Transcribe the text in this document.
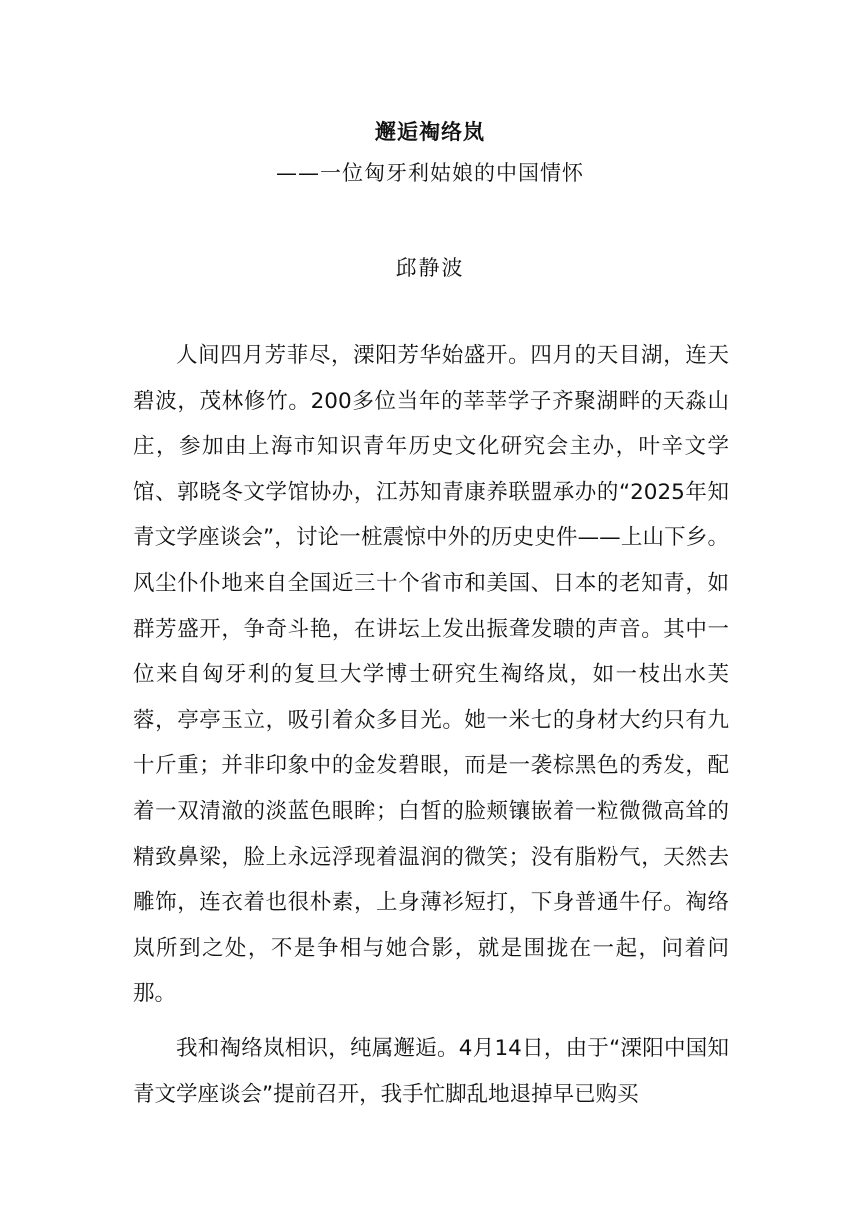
邂逅祹络岚
——一位匈牙利姑娘的中国情怀
邱静波

人间四月芳菲尽，溧阳芳华始盛开。四月的天目湖，连天碧波，茂林修竹。200多位当年的莘莘学子齐聚湖畔的天淼山庄，参加由上海市知识青年历史文化研究会主办，叶辛文学馆、郭晓冬文学馆协办，江苏知青康养联盟承办的“2025年知青文学座谈会”，讨论一桩震惊中外的历史史件——上山下乡。风尘仆仆地来自全国近三十个省市和美国、日本的老知青，如群芳盛开，争奇斗艳，在讲坛上发出振聋发聩的声音。其中一位来自匈牙利的复旦大学博士研究生祹络岚，如一枝出水芙蓉，亭亭玉立，吸引着众多目光。她一米七的身材大约只有九十斤重；并非印象中的金发碧眼，而是一袭棕黑色的秀发，配着一双清澈的淡蓝色眼眸；白皙的脸颊镶嵌着一粒微微高耸的精致鼻梁，脸上永远浮现着温润的微笑；没有脂粉气，天然去雕饰，连衣着也很朴素，上身薄衫短打，下身普通牛仔。祹络岚所到之处，不是争相与她合影，就是围拢在一起，问着问那。

我和祹络岚相识，纯属邂逅。4月14日，由于“溧阳中国知青文学座谈会”提前召开，我手忙脚乱地退掉早已购买
